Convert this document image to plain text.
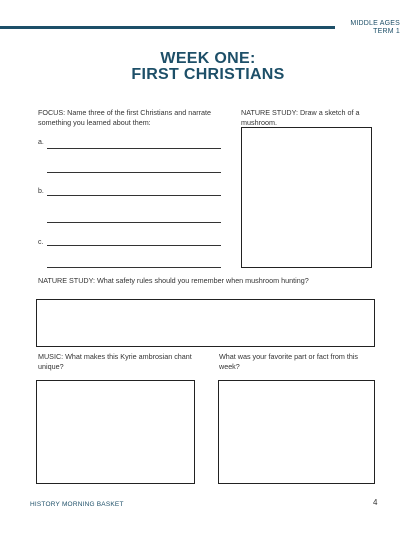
MIDDLE AGES
TERM 1
WEEK ONE:
FIRST CHRISTIANS
FOCUS: Name three of the first Christians and narrate something you learned about them:
a.
b.
c.
NATURE STUDY: Draw a sketch of a mushroom.
NATURE STUDY: What safety rules should you remember when mushroom hunting?
MUSIC: What makes this Kyrie ambrosian chant unique?
What was your favorite part or fact from this week?
HISTORY MORNING BASKET	4
